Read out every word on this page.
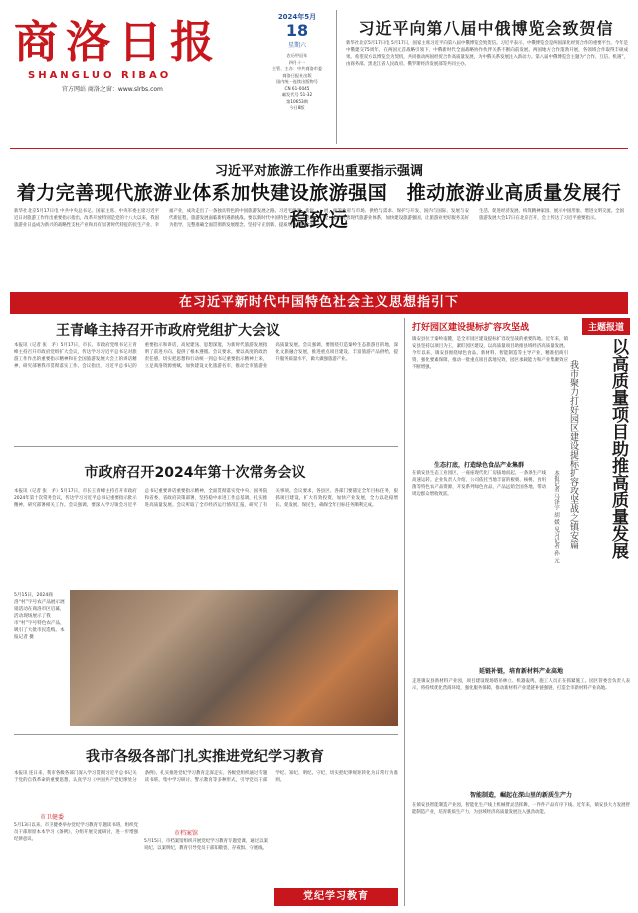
商洛日报
SHANGLUO RIBAO
官方网站 商洛之窗：www.slrbs.com
2024年5月
18
星期六
农历甲辰年
四月十一
主管、主办：中共商洛市委
商洛日报社出版
国内统一连续出版物号
CN 61-0045
邮发代号 51-32
第10653期
今日8版
习近平向第八届中俄博览会致贺信
新华社北京5月17日电 5月17日，国家主席习近平向第八届中俄博览会致贺信。习近平表示，中俄博览会是两国深化经贸合作的重要平台。今年是中俄建交75周年，在两国元首战略引领下，中俄新时代全面战略协作伙伴关系不断向前发展。两国地方合作蓬勃开展，各领域合作取得丰硕成果。希望双方以博览会为契机，共同推动两国经贸合作高质量发展，为中俄关系发展注入新动力。第八届中俄博览会主题为“合作、互信、机遇”，由商务部、黑龙江省人民政府、俄罗斯经济发展部等共同主办。
习近平对旅游工作作出重要指示强调
着力完善现代旅游业体系加快建设旅游强国　推动旅游业高质量发展行稳致远
新华社北京5月17日电 中共中央总书记、国家主席、中央军委主席习近平近日对旅游工作作出重要指示指出，改革开放特别是党的十八大以来，我国旅游业日益成为新兴的战略性支柱产业和具有显著时代特征的民生产业、幸福产业，成功走出了一条独具特色的中国旅游发展之路。习近平强调，新时代新征程，旅游发展面临新机遇新挑战。要以新时代中国特色社会主义思想为指导，完整准确全面贯彻新发展理念，坚持守正创新、提质增效、融合发展，统筹政府与市场、供给与需求、保护与开发、国内与国际、发展与安全，着力完善现代旅游业体系，加快建设旅游强国，让旅游业更好服务美好生活、促进经济发展、构筑精神家园、展示中国形象、增进文明交流。全国旅游发展大会17日在北京召开，会上传达了习近平重要指示。
在习近平新时代中国特色社会主义思想指引下
王青峰主持召开市政府党组扩大会议
本报讯（记者 张　矛）5月17日，市长、市政府党组书记王青峰主持召开市政府党组扩大会议，传达学习习近平总书记对旅游工作作出的重要指示精神和在全国旅游发展大会上的讲话精神，研究部署我市贯彻落实工作。会议指出，习近平总书记的重要指示和讲话，高屋建瓴、思想深邃，为新时代旅游发展指明了前进方向、提供了根本遵循。会议要求，要以高度的政治责任感，切实把思想和行动统一到总书记重要指示精神上来，立足商洛资源禀赋，加快建设文化旅游名市，推动全市旅游业高质量发展。会议强调，要围绕打造秦岭生态旅游目的地，深化文旅融合发展，推进重点项目建设，丰富旅游产品供给，提升服务质量水平，做大做强旅游产业。
市政府召开2024年第十次常务会议
本报讯（记者 张　矛）5月17日，市长王青峰主持召开市政府2024年第十次常务会议，传达学习习近平总书记重要指示批示精神，研究部署相关工作。会议强调，要深入学习领会习近平总书记重要讲话重要指示精神，全面贯彻落实党中央、国务院和省委、省政府决策部署，坚持稳中求进工作总基调，扎实推进高质量发展。会议听取了全市经济运行情况汇报，研究了有关事项。会议要求，各县区、各部门要锚定全年目标任务，狠抓项目建设，扩大有效投资，加快产业发展，全力以赴稳增长、促发展、保民生，确保全年目标任务顺利完成。
5月15日，2024商洛“村”字号农产品展示展销活动在商洛市区启幕，活动现场展示了我市“村”字号特色农产品，吸引了大批市民选购。本报记者 摄
我市各级各部门扎实推进党纪学习教育
本报讯 连日来，我市各级各部门深入学习贯彻习近平总书记关于党的自我革命的重要思想，认真学习《中国共产党纪律处分条例》，扎实推进党纪学习教育走深走实。各级党组织通过专题读书班、集中学习研讨、警示教育等多种形式，引导党员干部学纪、知纪、明纪、守纪，切实把纪律规矩转化为日常行为准则。
市卫健委
5月13日以来，市卫健委举办党纪学习教育专题读书班，组织党员干部原原本本学习《条例》，分组开展交流研讨，进一步增强纪律意识。
市档案馆
5月15日，市档案馆组织开展党纪学习教育专题党课，通过以案说纪、以案明纪，教育引导党员干部知敬畏、存戒惧、守底线。
党纪学习教育
打好园区建设提标扩容攻坚战	主题报道
镇安县位于秦岭南麓，是全市园区建设提标扩容攻坚战的重要阵地。近年来，镇安县坚持以项目为王，紧盯园区建设，以高质量项目助推县域经济高质量发展。今年以来，镇安县围绕绿色食品、新材料、智能制造等主导产业，精准招商引资，强化要素保障，推动一批重点项目落地见效，园区承载能力和产业集聚效应不断增强。	以高质量项目助推高质量发展
我市聚力打好园区建设提标扩容攻坚战之镇安篇
本报记者 马泽宇 胡 媛 见习记者 孙 元
生态打底，打造绿色食品产业集群
在镇安县生态工业园区，一座座现代化厂房拔地而起，一条条生产线高速运转。企业负责人介绍，公司依托当地丰富的板栗、核桃、食用菌等特色农产品资源，开发系列绿色食品，产品远销全国各地，带动周边群众增收致富。
延链补链，培育新材料产业高地
走进镇安县新材料产业园，项目建设现场塔吊林立、机器轰鸣，施工人员正在抓紧施工。园区管委会负责人表示，将持续优化营商环境，强化服务保障，推动新材料产业延链补链强链，打造全市新材料产业高地。
智能制造，崛起在深山里的新质生产力
在镇安县智能制造产业园，智能化生产线上机械臂灵活挥舞，一件件产品有序下线。近年来，镇安县大力发展智能制造产业，培育新质生产力，为县域经济高质量发展注入强劲动能。
